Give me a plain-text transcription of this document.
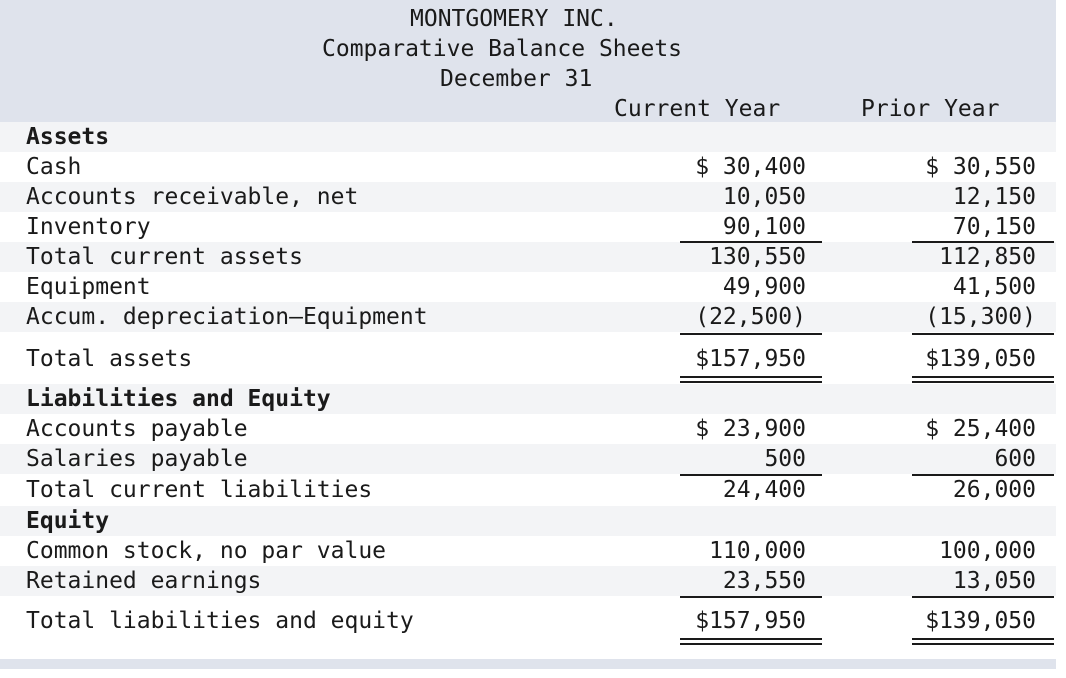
MONTGOMERY INC.
Comparative Balance Sheets
December 31
Current Year	Prior Year
Assets
Cash	$ 30,400	$ 30,550
Accounts receivable, net	10,050	12,150
Inventory	90,100	70,150
Total current assets	130,550	112,850
Equipment	49,900	41,500
Accum. depreciation—Equipment	(22,500)	(15,300)
Total assets	$157,950	$139,050
Liabilities and Equity
Accounts payable	$ 23,900	$ 25,400
Salaries payable	500	600
Total current liabilities	24,400	26,000
Equity
Common stock, no par value	110,000	100,000
Retained earnings	23,550	13,050
Total liabilities and equity	$157,950	$139,050
